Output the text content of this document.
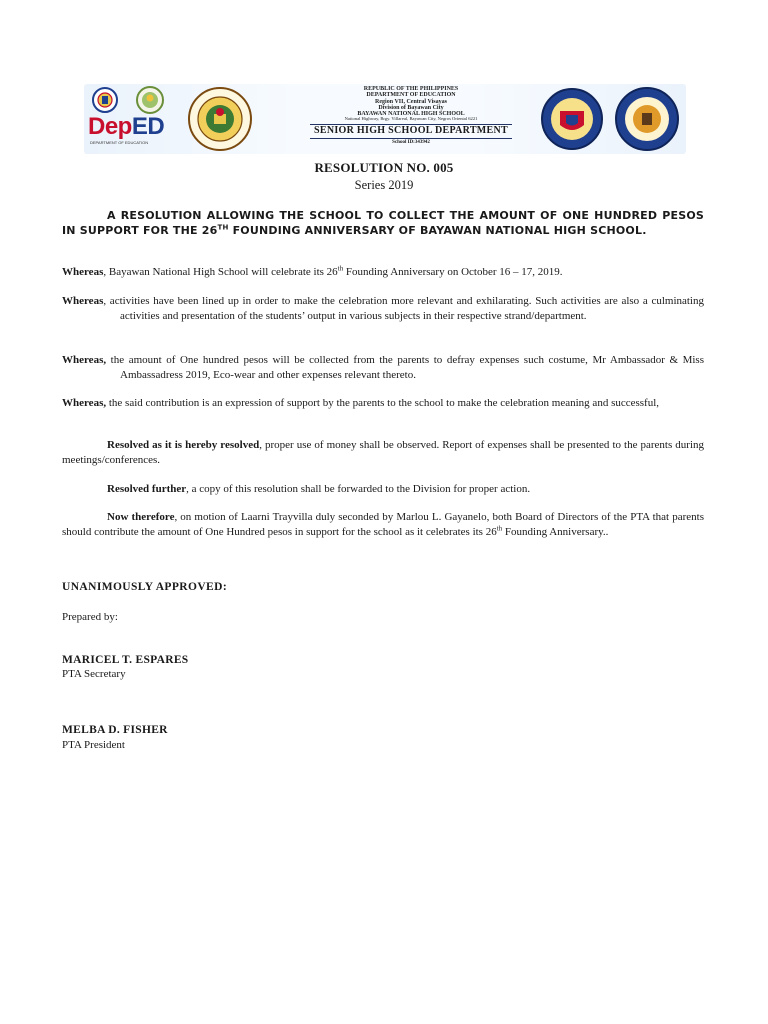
DepED
DEPARTMENT OF EDUCATION
REPUBLIC OF THE PHILIPPINES
DEPARTMENT OF EDUCATION
Region VII, Central Visayas
Division of Bayawan City
BAYAWAN NATIONAL HIGH SCHOOL
National Highway, Brgy. Villareal, Bayawan City, Negros Oriental 6221
SENIOR HIGH SCHOOL DEPARTMENT
School ID:343942
RESOLUTION NO. 005
Series 2019

A RESOLUTION ALLOWING THE SCHOOL TO COLLECT THE AMOUNT OF ONE HUNDRED PESOS IN SUPPORT FOR THE 26TH FOUNDING ANNIVERSARY OF BAYAWAN NATIONAL HIGH SCHOOL.

Whereas, Bayawan National High School will celebrate its 26th Founding Anniversary on October 16 – 17, 2019.

Whereas, activities have been lined up in order to make the celebration more relevant and exhilarating. Such activities are also a culminating activities and presentation of the students’ output in various subjects in their respective strand/department.

Whereas, the amount of One hundred pesos will be collected from the parents to defray expenses such costume, Mr Ambassador & Miss Ambassadress 2019, Eco-wear and other expenses relevant thereto.

Whereas, the said contribution is an expression of support by the parents to the school to make the celebration meaning and successful,

Resolved as it is hereby resolved, proper use of money shall be observed. Report of expenses shall be presented to the parents during meetings/conferences.

Resolved further, a copy of this resolution shall be forwarded to the Division for proper action.

Now therefore, on motion of Laarni Trayvilla duly seconded by Marlou L. Gayanelo, both Board of Directors of the PTA that parents should contribute the amount of One Hundred pesos in support for the school as it celebrates its 26th Founding Anniversary..

UNANIMOUSLY APPROVED:
Prepared by:
MARICEL T. ESPARES
PTA Secretary
MELBA D. FISHER
PTA President
